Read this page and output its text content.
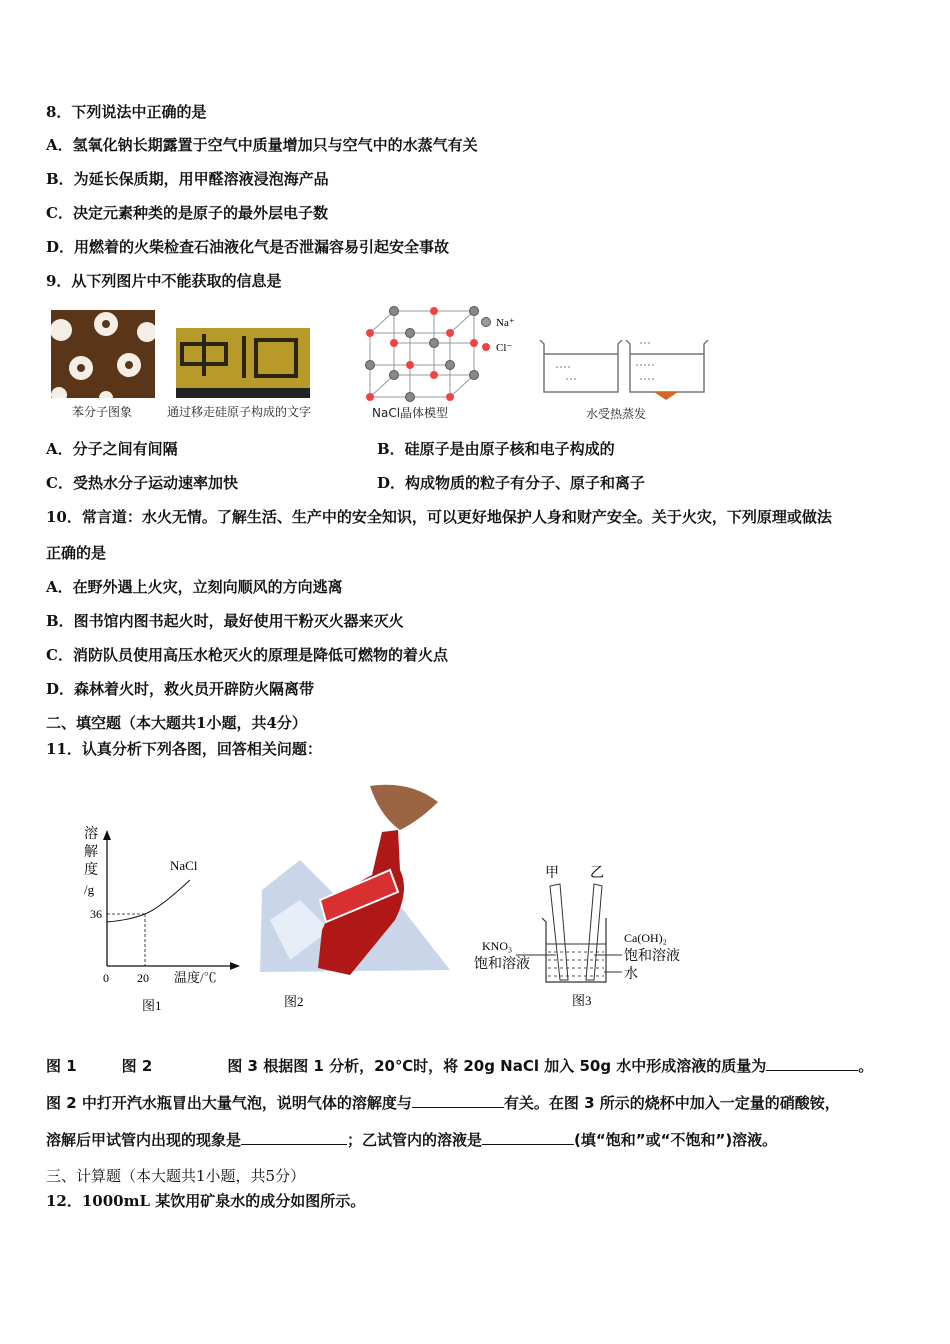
8．下列说法中正确的是
A．氢氧化钠长期露置于空气中质量增加只与空气中的水蒸气有关
B．为延长保质期，用甲醛溶液浸泡海产品
C．决定元素种类的是原子的最外层电子数
D．用燃着的火柴检查石油液化气是否泄漏容易引起安全事故
9．从下列图片中不能获取的信息是
苯分子图象	通过移走硅原子构成的文字
Na⁺
Cl⁻
NaCl晶体模型
° ° ° °
° ° °
° ° ° ° °
° ° ° °
° ° °
水受热蒸发
A．分子之间有间隔	B．硅原子是由原子核和电子构成的
C．受热水分子运动速率加快	D．构成物质的粒子有分子、原子和离子
10．常言道：水火无情。了解生活、生产中的安全知识，可以更好地保护人身和财产安全。关于火灾，下列原理或做法
正确的是
A．在野外遇上火灾，立刻向顺风的方向逃离
B．图书馆内图书起火时，最好使用干粉灭火器来灭火
C．消防队员使用高压水枪灭火的原理是降低可燃物的着火点
D．森林着火时，救火员开辟防火隔离带
二、填空题（本大题共1小题，共4分）
11．认真分析下列各图，回答相关问题：
溶
解
度
/g
NaCl
36
0 20 温度/℃
图1	图2
甲 乙
KNO₃
饱和溶液
Ca(OH)₂
饱和溶液
水
图3
图 1　　　图 2　　　　　图 3 根据图 1 分析，20℃时，将 20g NaCl 加入 50g 水中形成溶液的质量为	。
图 2 中打开汽水瓶冒出大量气泡，说明气体的溶解度与	有关。在图 3 所示的烧杯中加入一定量的硝酸铵，
溶解后甲试管内出现的现象是	；乙试管内的溶液是	(填“饱和”或“不饱和”)溶液。
三、计算题（本大题共1小题，共5分）
12．1000mL 某饮用矿泉水的成分如图所示。
